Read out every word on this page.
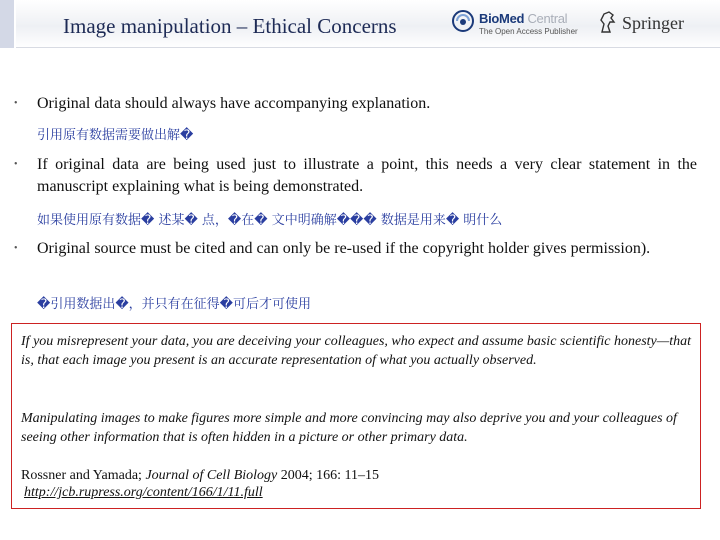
Image manipulation – Ethical Concerns	BioMed Central
The Open Access Publisher Springer
• Original data should always have accompanying explanation.
引用原有数据需要做出解�
• If original data are being used just to illustrate a point, this needs a very clear statement in the manuscript explaining what is being demonstrated.
如果使用原有数据� 述某� 点，�在� 文中明确解��� 数据是用来� 明什么
• Original source must be cited and can only be re-used if the copyright holder gives permission).
�引用数据出�，并只有在征得�可后才可使用
If you misrepresent your data, you are deceiving your colleagues, who expect and assume basic scientific honesty—that is, that each image you present is an accurate representation of what you actually observed.
Manipulating images to make figures more simple and more convincing may also deprive you and your colleagues of seeing other information that is often hidden in a picture or other primary data.
Rossner and Yamada; Journal of Cell Biology 2004; 166: 11–15
http://jcb.rupress.org/content/166/1/11.full
